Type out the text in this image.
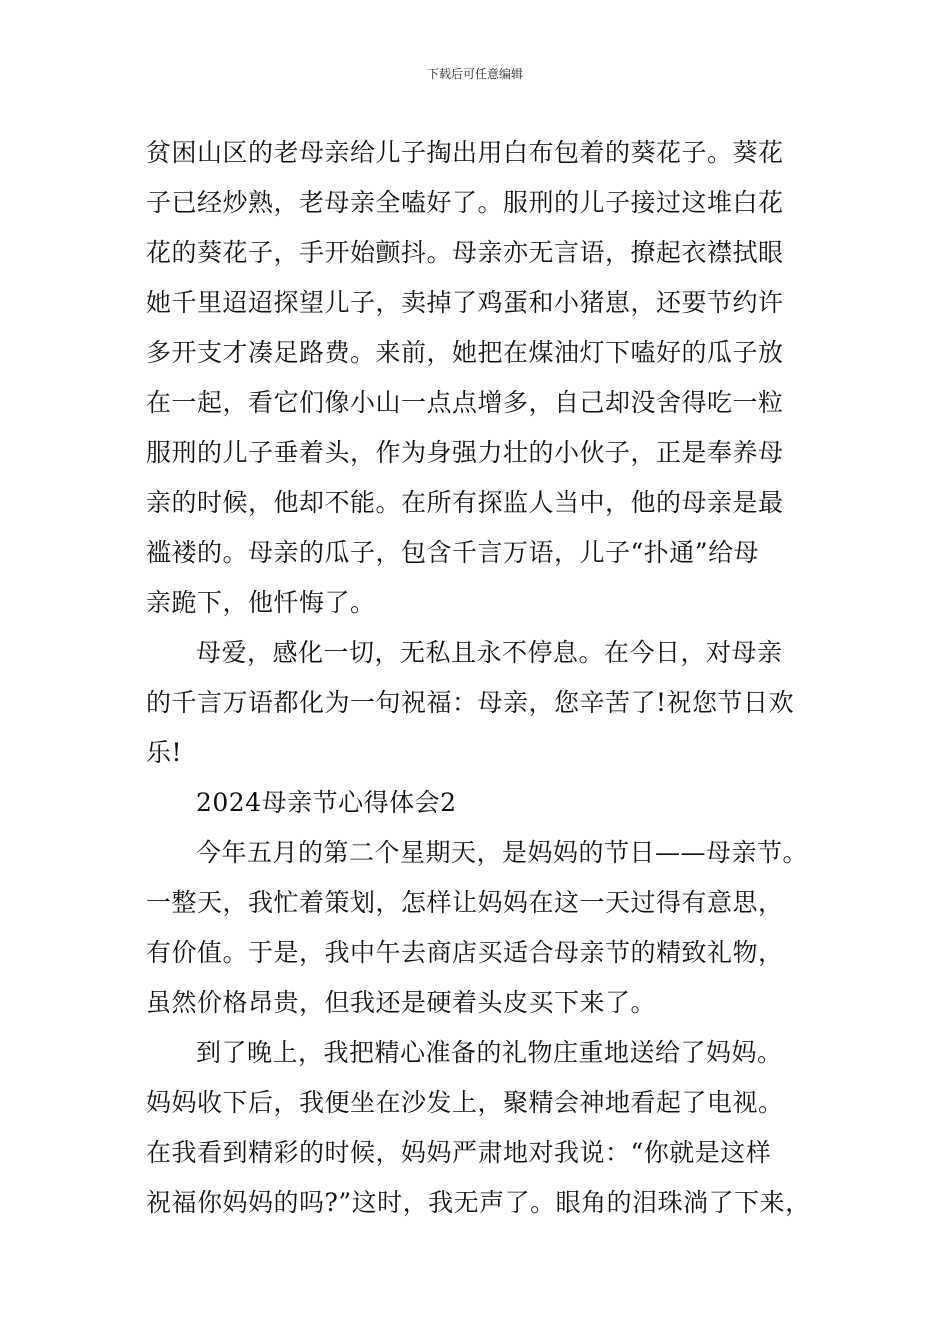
下载后可任意编辑
贫困山区的老母亲给儿子掏出用白布包着的葵花子。葵花
子已经炒熟，老母亲全嗑好了。服刑的儿子接过这堆白花
花的葵花子，手开始颤抖。母亲亦无言语，撩起衣襟拭眼
她千里迢迢探望儿子，卖掉了鸡蛋和小猪崽，还要节约许
多开支才凑足路费。来前，她把在煤油灯下嗑好的瓜子放
在一起，看它们像小山一点点增多，自己却没舍得吃一粒
服刑的儿子垂着头，作为身强力壮的小伙子，正是奉养母
亲的时候，他却不能。在所有探监人当中，他的母亲是最
褴褛的。母亲的瓜子，包含千言万语，儿子“扑通”给母
亲跪下，他忏悔了。
母爱，感化一切，无私且永不停息。在今日，对母亲
的千言万语都化为一句祝福：母亲，您辛苦了!祝您节日欢
乐!
2024母亲节心得体会2
今年五月的第二个星期天，是妈妈的节日——母亲节。
一整天，我忙着策划，怎样让妈妈在这一天过得有意思，
有价值。于是，我中午去商店买适合母亲节的精致礼物，
虽然价格昂贵，但我还是硬着头皮买下来了。
到了晚上，我把精心准备的礼物庄重地送给了妈妈。
妈妈收下后，我便坐在沙发上，聚精会神地看起了电视。
在我看到精彩的时候，妈妈严肃地对我说：“你就是这样
祝福你妈妈的吗?”这时，我无声了。眼角的泪珠淌了下来，
